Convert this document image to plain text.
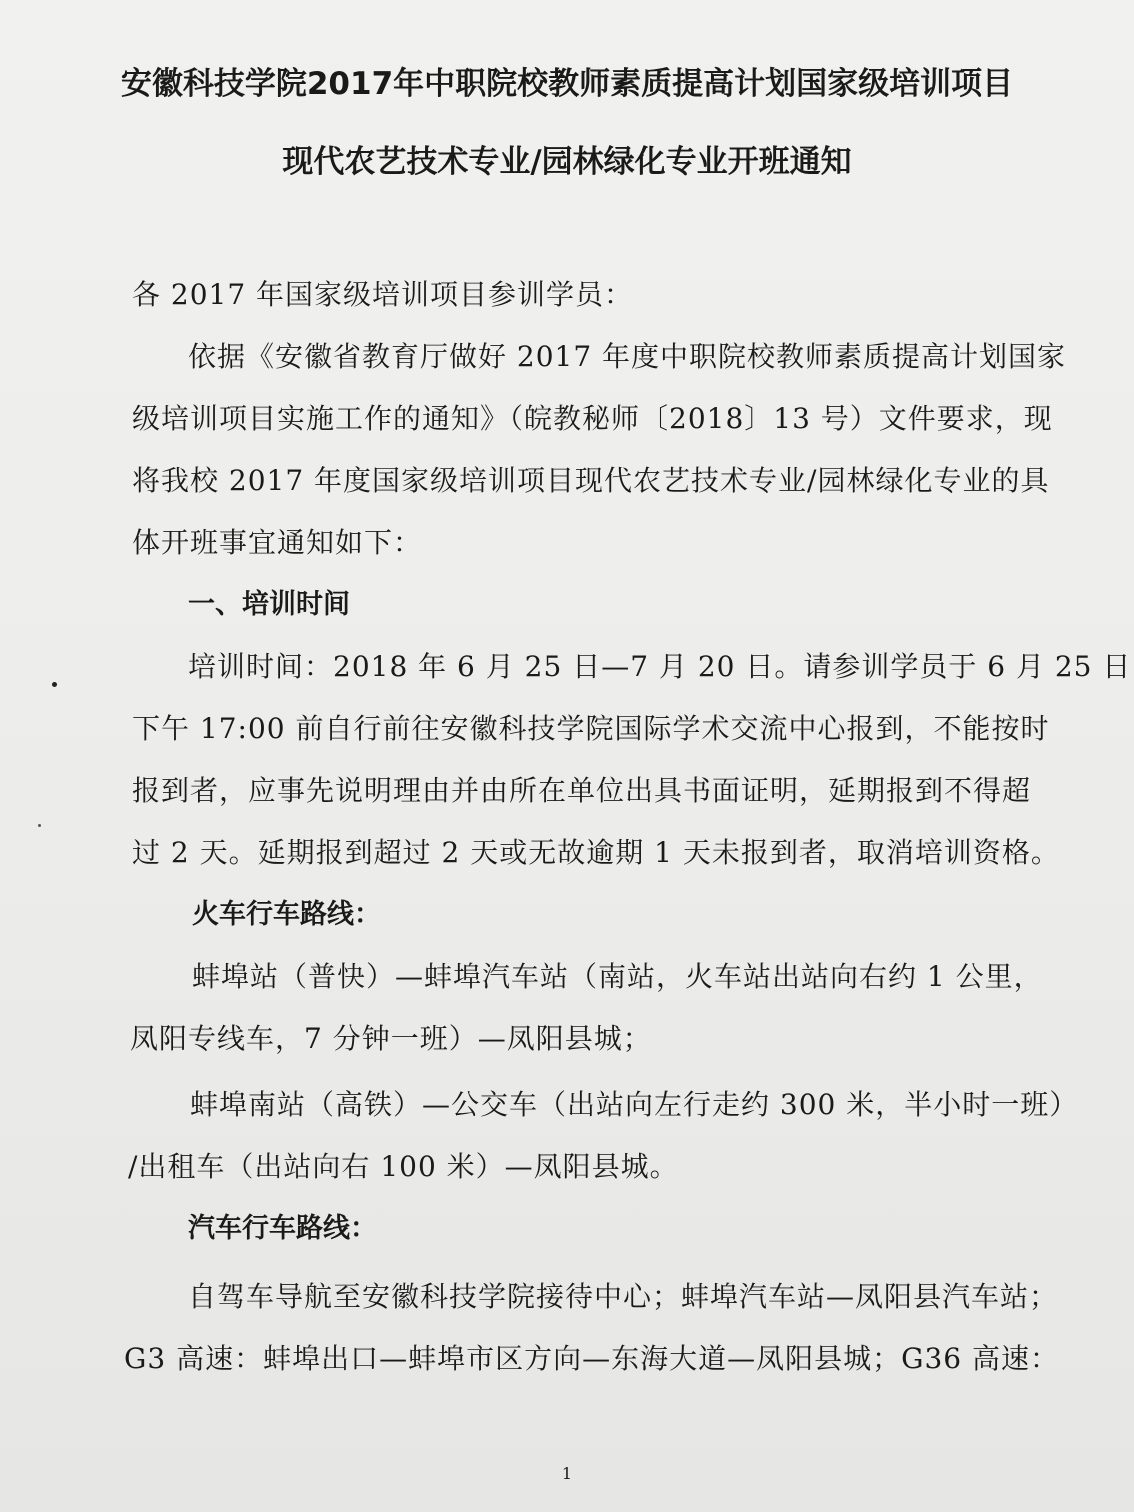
安徽科技学院2017年中职院校教师素质提高计划国家级培训项目
现代农艺技术专业/园林绿化专业开班通知
各 2017 年国家级培训项目参训学员：
依据《安徽省教育厅做好 2017 年度中职院校教师素质提高计划国家
级培训项目实施工作的通知》（皖教秘师〔2018〕13 号）文件要求，现
将我校 2017 年度国家级培训项目现代农艺技术专业/园林绿化专业的具
体开班事宜通知如下：
一、培训时间
培训时间：2018 年 6 月 25 日—7 月 20 日。请参训学员于 6 月 25 日
下午 17:00 前自行前往安徽科技学院国际学术交流中心报到，不能按时
报到者，应事先说明理由并由所在单位出具书面证明，延期报到不得超
过 2 天。延期报到超过 2 天或无故逾期 1 天未报到者，取消培训资格。
火车行车路线：
蚌埠站（普快）—蚌埠汽车站（南站，火车站出站向右约 1 公里，
凤阳专线车，7 分钟一班）—凤阳县城；
蚌埠南站（高铁）—公交车（出站向左行走约 300 米，半小时一班）
/出租车（出站向右 100 米）—凤阳县城。
汽车行车路线：
自驾车导航至安徽科技学院接待中心；蚌埠汽车站—凤阳县汽车站；
G3 高速：蚌埠出口—蚌埠市区方向—东海大道—凤阳县城；G36 高速：
1
